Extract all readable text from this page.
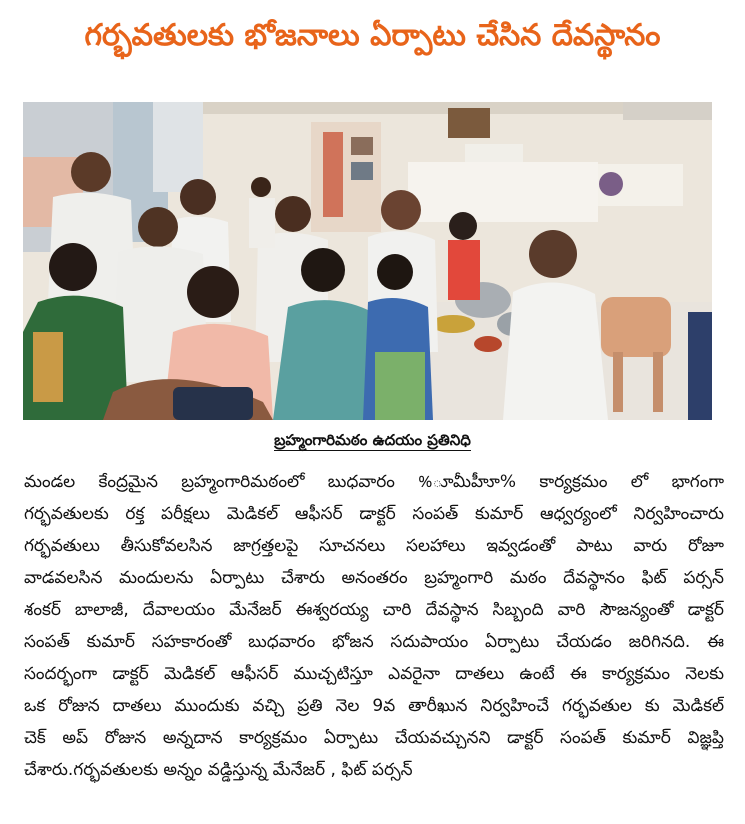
గర్భవతులకు భోజనాలు ఏర్పాటు చేసిన దేవస్థానం
బ్రహ్మంగారిమఠం ఉదయం ప్రతినిధి
మండల కేంద్రమైన బ్రహ్మంగారిమఠంలో బుధవారం %ూమీహీూ% కార్యక్రమం లో భాగంగా
గర్భవతులకు రక్త పరీక్షలు మెడికల్ ఆఫీసర్ డాక్టర్ సంపత్ కుమార్ ఆధ్వర్యంలో నిర్వహించారు
గర్భవతులు తీసుకోవలసిన జాగ్రత్తలపై సూచనలు సలహాలు ఇవ్వడంతో పాటు వారు రోజూ
వాడవలసిన మందులను ఏర్పాటు చేశారు అనంతరం బ్రహ్మంగారి మఠం దేవస్థానం ఫిట్ పర్సన్
శంకర్ బాలాజీ, దేవాలయం మేనేజర్ ఈశ్వరయ్య చారి దేవస్థాన సిబ్బంది వారి సౌజన్యంతో డాక్టర్
సంపత్ కుమార్ సహకారంతో బుధవారం భోజన సదుపాయం ఏర్పాటు చేయడం జరిగినది. ఈ
సందర్భంగా డాక్టర్ మెడికల్ ఆఫీసర్ ముచ్చటిస్తూ ఎవరైనా దాతలు ఉంటే ఈ కార్యక్రమం నెలకు
ఒక రోజున దాతలు ముందుకు వచ్చి ప్రతి నెల 9వ తారీఖున నిర్వహించే గర్భవతుల కు మెడికల్
చెక్ అప్ రోజున అన్నదాన కార్యక్రమం ఏర్పాటు చేయవచ్చునని డాక్టర్ సంపత్ కుమార్ విజ్ఞప్తి
చేశారు.గర్భవతులకు అన్నం వడ్డిస్తున్న మేనేజర్ , ఫిట్ పర్సన్
